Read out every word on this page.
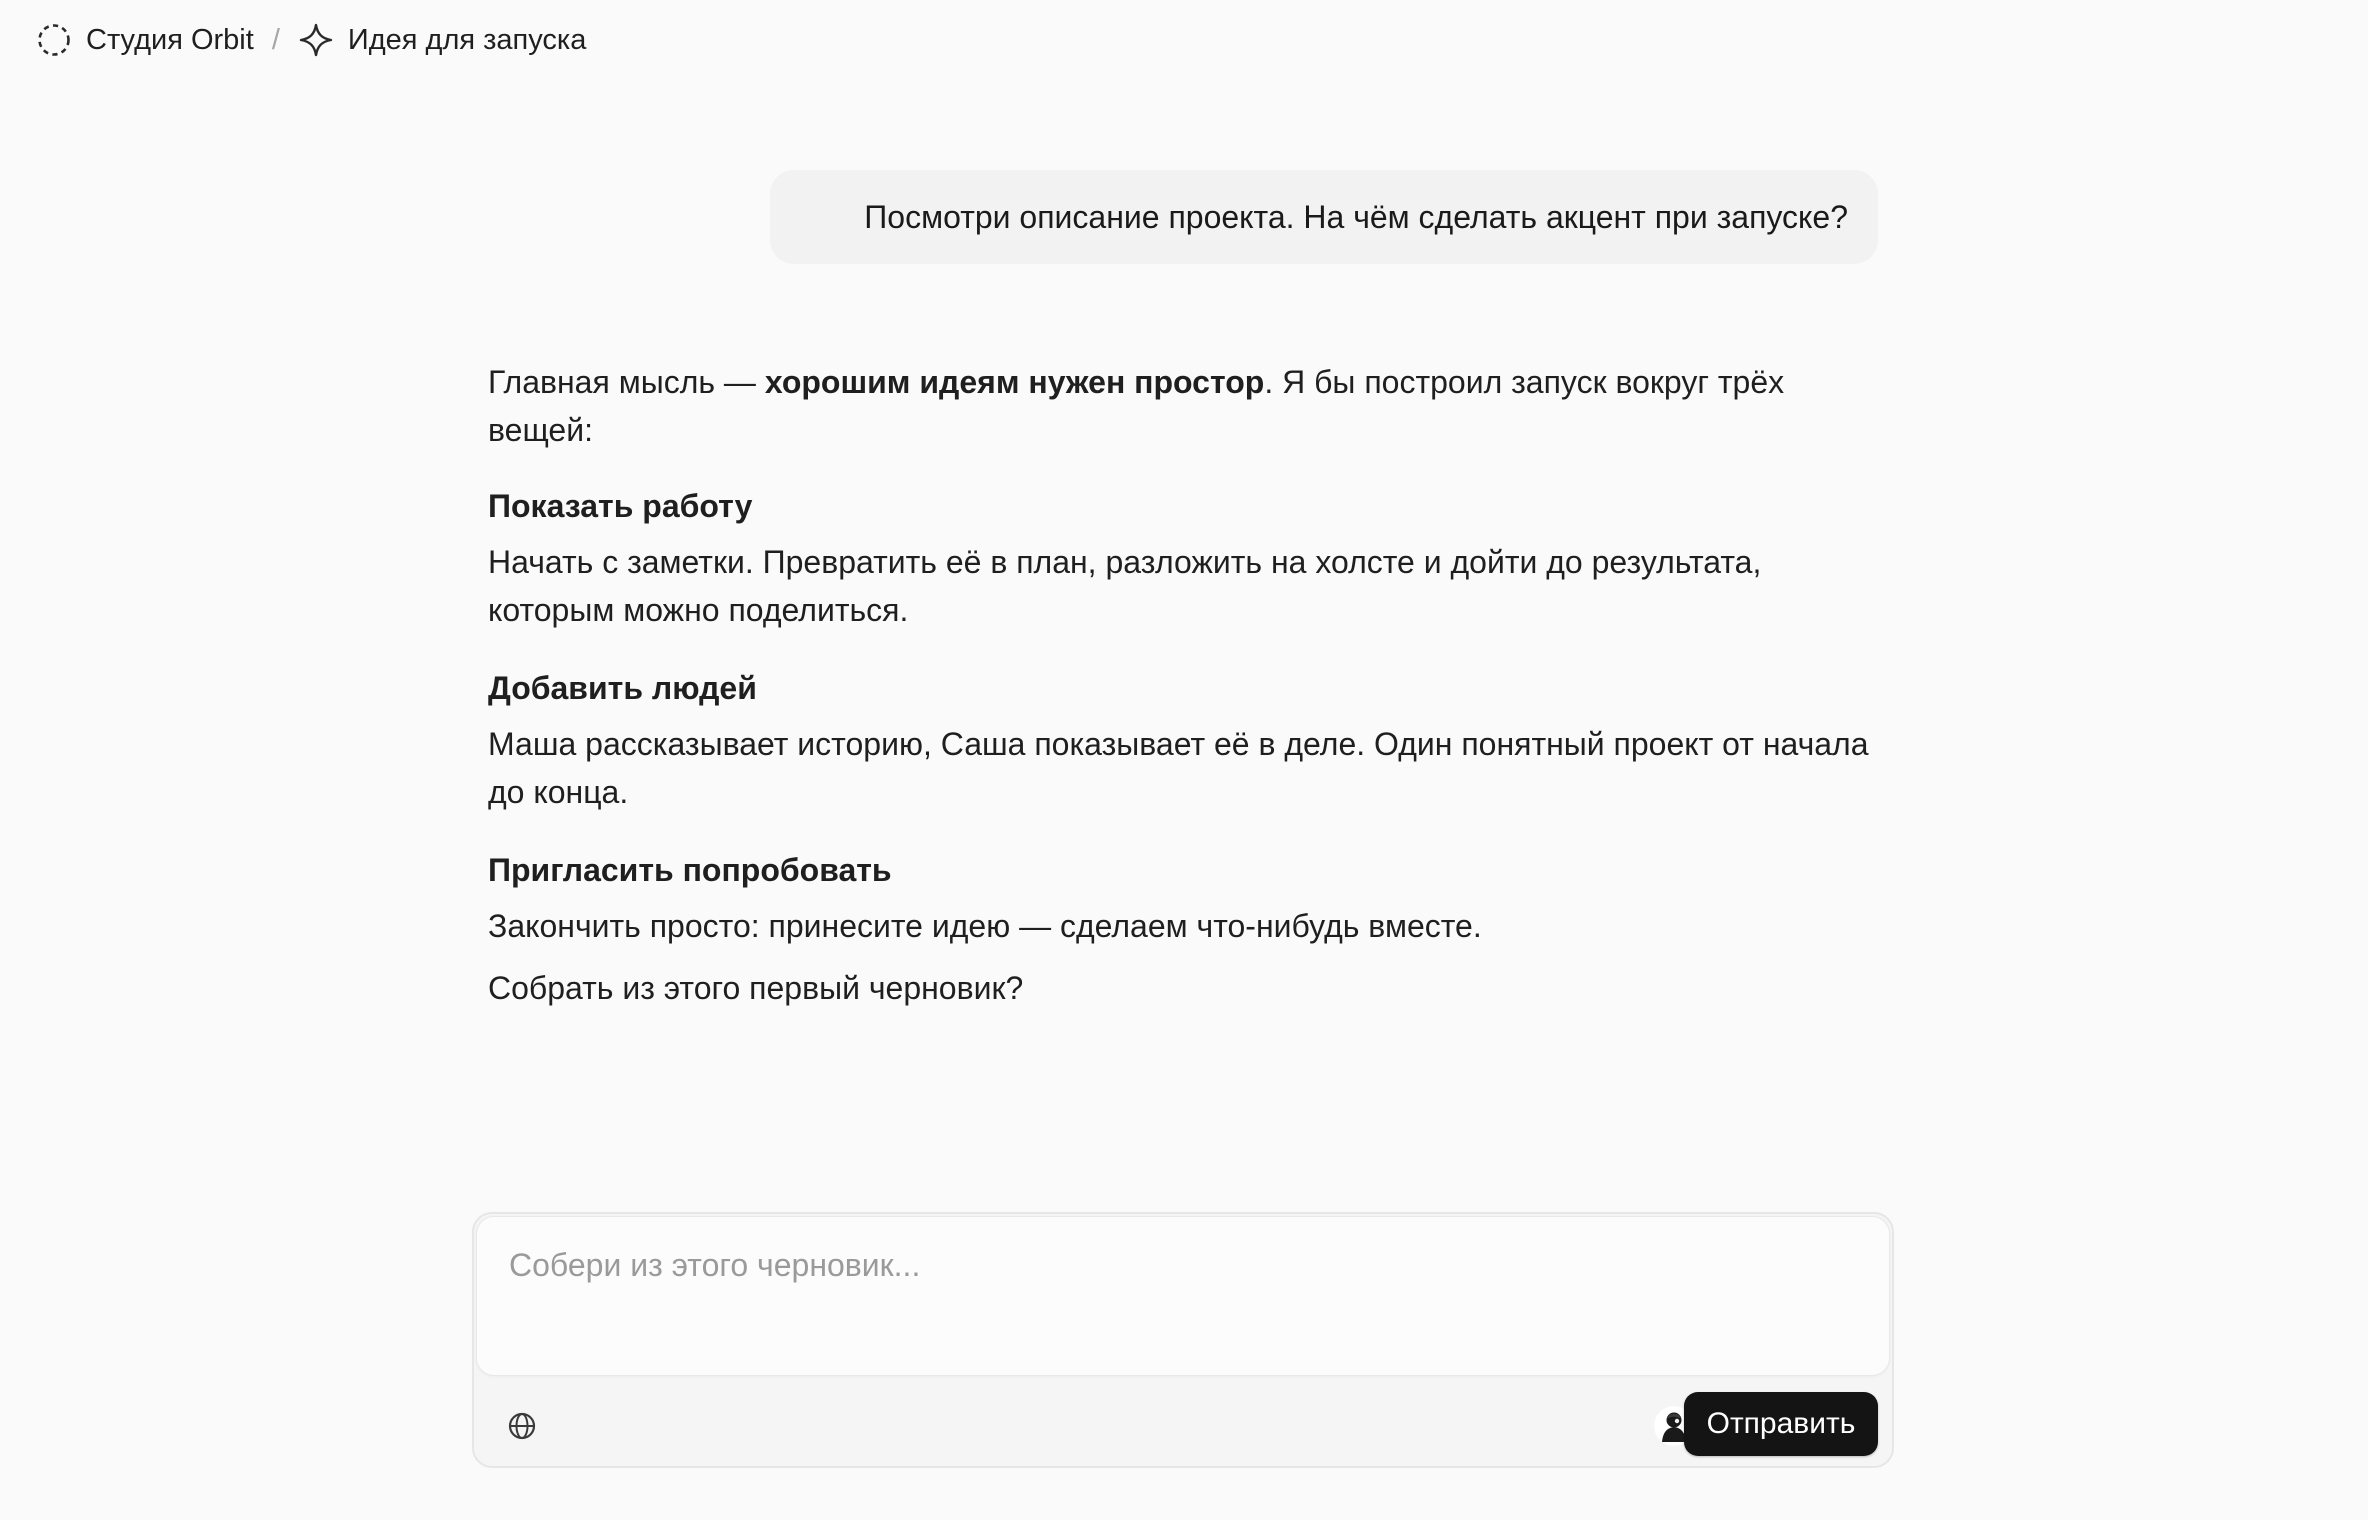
Студия Orbit / Идея для запуска
Посмотри описание проекта. На чём сделать акцент при запуске?

Главная мысль — хорошим идеям нужен простор. Я бы построил запуск вокруг трёх вещей:

Показать работу

Начать с заметки. Превратить её в план, разложить на холсте и дойти до результата, которым можно поделиться.

Добавить людей

Маша рассказывает историю, Саша показывает её в деле. Один понятный проект от начала до конца.

Пригласить попробовать

Закончить просто: принесите идею — сделаем что-нибудь вместе.

Собрать из этого первый черновик?

Собери из этого черновик...
Отправить
